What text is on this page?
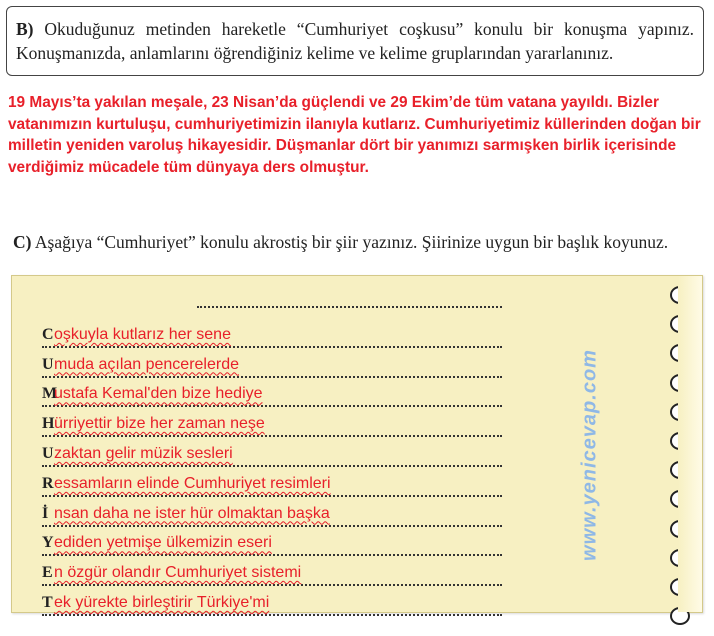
B) Okuduğunuz metinden hareketle “Cumhuriyet coşkusu” konulu bir konuşma yapınız. Konuşmanızda, anlamlarını öğrendiğiniz kelime ve kelime gruplarından yararlanınız.
19 Mayıs’ta yakılan meşale, 23 Nisan’da güçlendi ve 29 Ekim’de tüm vatana yayıldı. Bizler vatanımızın kurtuluşu, cumhuriyetimizin ilanıyla kutlarız. Cumhuriyetimiz küllerinden doğan bir milletin yeniden varoluş hikayesidir. Düşmanlar dört bir yanımızı sarmışken birlik içerisinde verdiğimiz mücadele tüm dünyaya ders olmuştur.
C) Aşağıya “Cumhuriyet” konulu akrostiş bir şiir yazınız. Şiirinize uygun bir başlık koyunuz.
C oşkuyla kutlarız her sene
U muda açılan pencerelerde
M
ustafa Kemal'den bize hediye
H ürriyettir bize her zaman neşe
U zaktan gelir müzik sesleri
R essamların elinde Cumhuriyet resimleri
İ nsan daha ne ister hür olmaktan başka
Y ediden yetmişe ülkemizin eseri
E n özgür olandır Cumhuriyet sistemi
T ek yürekte birleştirir Türkiye'mi
www.yenicevap.com
